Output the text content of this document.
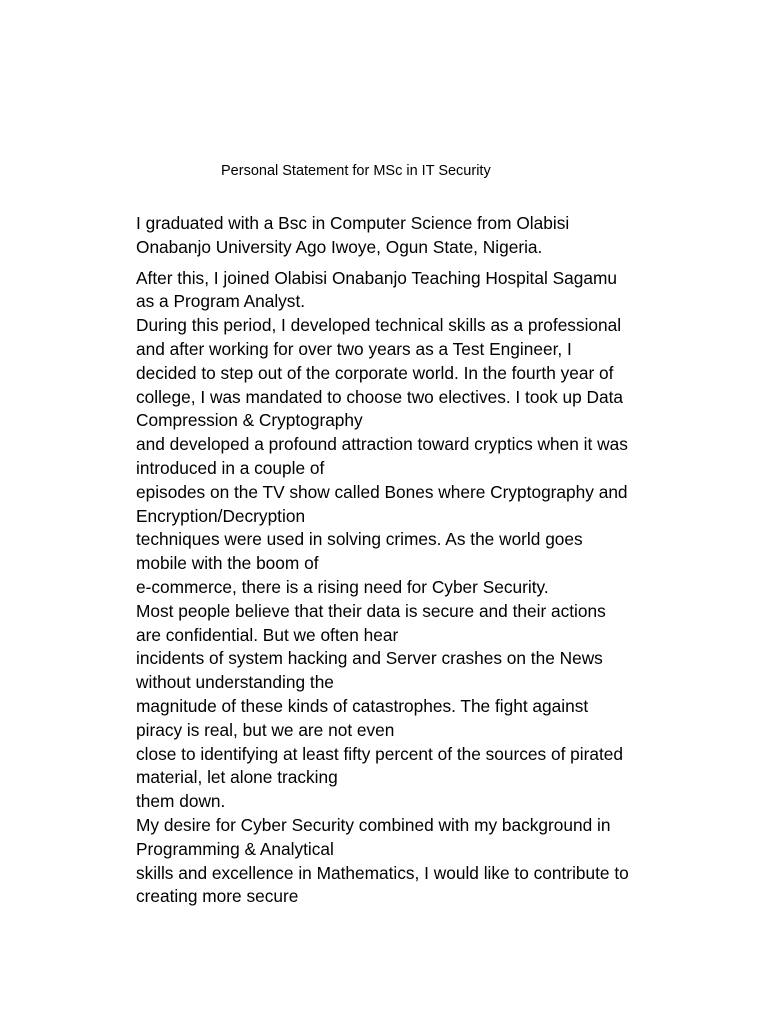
Personal Statement for MSc in IT Security

I graduated with a Bsc in Computer Science from Olabisi
Onabanjo University Ago Iwoye, Ogun State, Nigeria.

After this, I joined Olabisi Onabanjo Teaching Hospital Sagamu
as a Program Analyst.
During this period, I developed technical skills as a professional
and after working for over two years as a Test Engineer, I
decided to step out of the corporate world. In the fourth year of
college, I was mandated to choose two electives. I took up Data
Compression & Cryptography
and developed a profound attraction toward cryptics when it was
introduced in a couple of
episodes on the TV show called Bones where Cryptography and
Encryption/Decryption
techniques were used in solving crimes. As the world goes
mobile with the boom of
e-commerce, there is a rising need for Cyber Security.
Most people believe that their data is secure and their actions
are confidential. But we often hear
incidents of system hacking and Server crashes on the News
without understanding the
magnitude of these kinds of catastrophes. The fight against
piracy is real, but we are not even
close to identifying at least fifty percent of the sources of pirated
material, let alone tracking
them down.
My desire for Cyber Security combined with my background in
Programming & Analytical
skills and excellence in Mathematics, I would like to contribute to
creating more secure
